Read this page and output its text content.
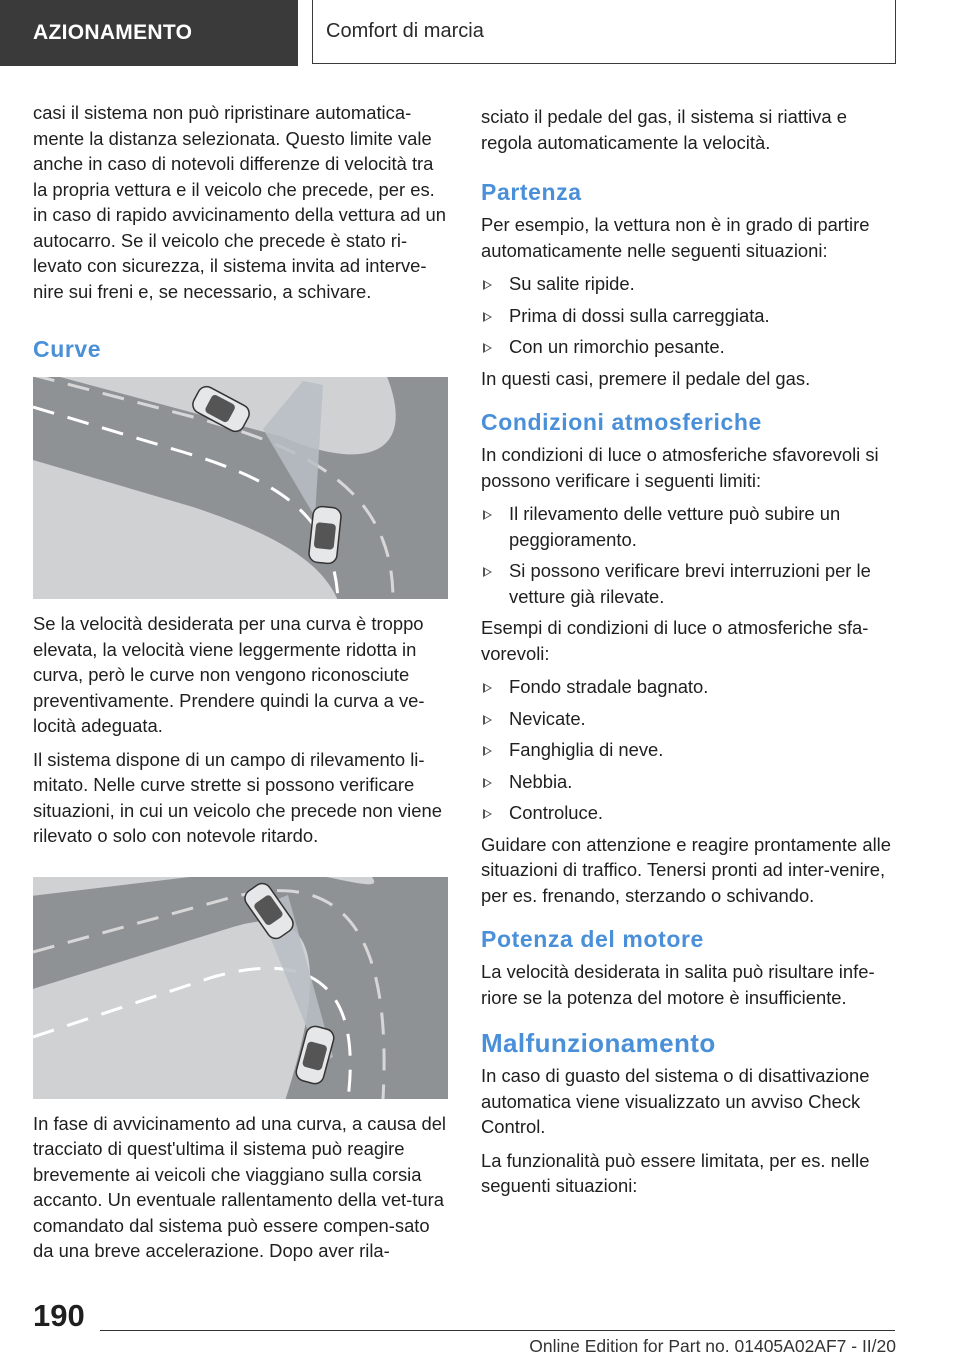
AZIONAMENTO	Comfort di marcia

casi il sistema non può ripristinare automatica-mente la distanza selezionata. Questo limite vale anche in caso di notevoli differenze di velocità tra la propria vettura e il veicolo che precede, per es. in caso di rapido avvicinamento della vettura ad un autocarro. Se il veicolo che precede è stato ri-levato con sicurezza, il sistema invita ad interve-nire sui freni e, se necessario, a schivare.

Curve

Se la velocità desiderata per una curva è troppo elevata, la velocità viene leggermente ridotta in curva, però le curve non vengono riconosciute preventivamente. Prendere quindi la curva a ve-locità adeguata.

Il sistema dispone di un campo di rilevamento li-mitato. Nelle curve strette si possono verificare situazioni, in cui un veicolo che precede non viene rilevato o solo con notevole ritardo.

In fase di avvicinamento ad una curva, a causa del tracciato di quest'ultima il sistema può reagire brevemente ai veicoli che viaggiano sulla corsia accanto. Un eventuale rallentamento della vet-tura comandato dal sistema può essere compen-sato da una breve accelerazione. Dopo aver rila-

sciato il pedale del gas, il sistema si riattiva e regola automaticamente la velocità.

Partenza

Per esempio, la vettura non è in grado di partire automaticamente nelle seguenti situazioni:

Su salite ripide.
Prima di dossi sulla carreggiata.
Con un rimorchio pesante.

In questi casi, premere il pedale del gas.

Condizioni atmosferiche

In condizioni di luce o atmosferiche sfavorevoli si possono verificare i seguenti limiti:

Il rilevamento delle vetture può subire un peggioramento.
Si possono verificare brevi interruzioni per le vetture già rilevate.

Esempi di condizioni di luce o atmosferiche sfa-vorevoli:

Fondo stradale bagnato.
Nevicate.
Fanghiglia di neve.
Nebbia.
Controluce.

Guidare con attenzione e reagire prontamente alle situazioni di traffico. Tenersi pronti ad inter-venire, per es. frenando, sterzando o schivando.

Potenza del motore

La velocità desiderata in salita può risultare infe-riore se la potenza del motore è insufficiente.

Malfunzionamento

In caso di guasto del sistema o di disattivazione automatica viene visualizzato un avviso Check Control.

La funzionalità può essere limitata, per es. nelle seguenti situazioni:

190
Online Edition for Part no. 01405A02AF7 - II/20
